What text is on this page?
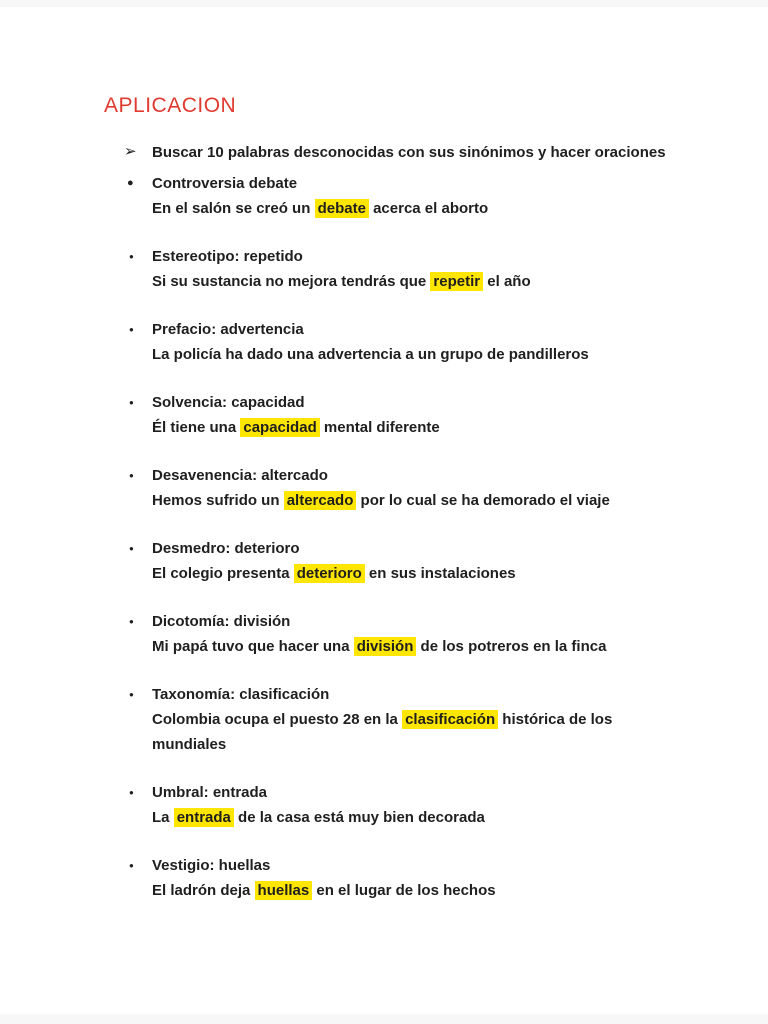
APLICACION
➢ Buscar 10 palabras desconocidas con sus sinónimos y hacer oraciones
● Controversia debate
En el salón se creó un debate acerca el aborto
● Estereotipo: repetido
Si su sustancia no mejora tendrás que repetir el año
● Prefacio: advertencia
La policía ha dado una advertencia a un grupo de pandilleros
● Solvencia: capacidad
Él tiene una capacidad mental diferente
● Desavenencia: altercado
Hemos sufrido un altercado por lo cual se ha demorado el viaje
● Desmedro: deterioro
El colegio presenta deterioro en sus instalaciones
● Dicotomía: división
Mi papá tuvo que hacer una división de los potreros en la finca
● Taxonomía: clasificación
Colombia ocupa el puesto 28 en la clasificación histórica de los mundiales
● Umbral: entrada
La entrada de la casa está muy bien decorada
● Vestigio: huellas
El ladrón deja huellas en el lugar de los hechos
